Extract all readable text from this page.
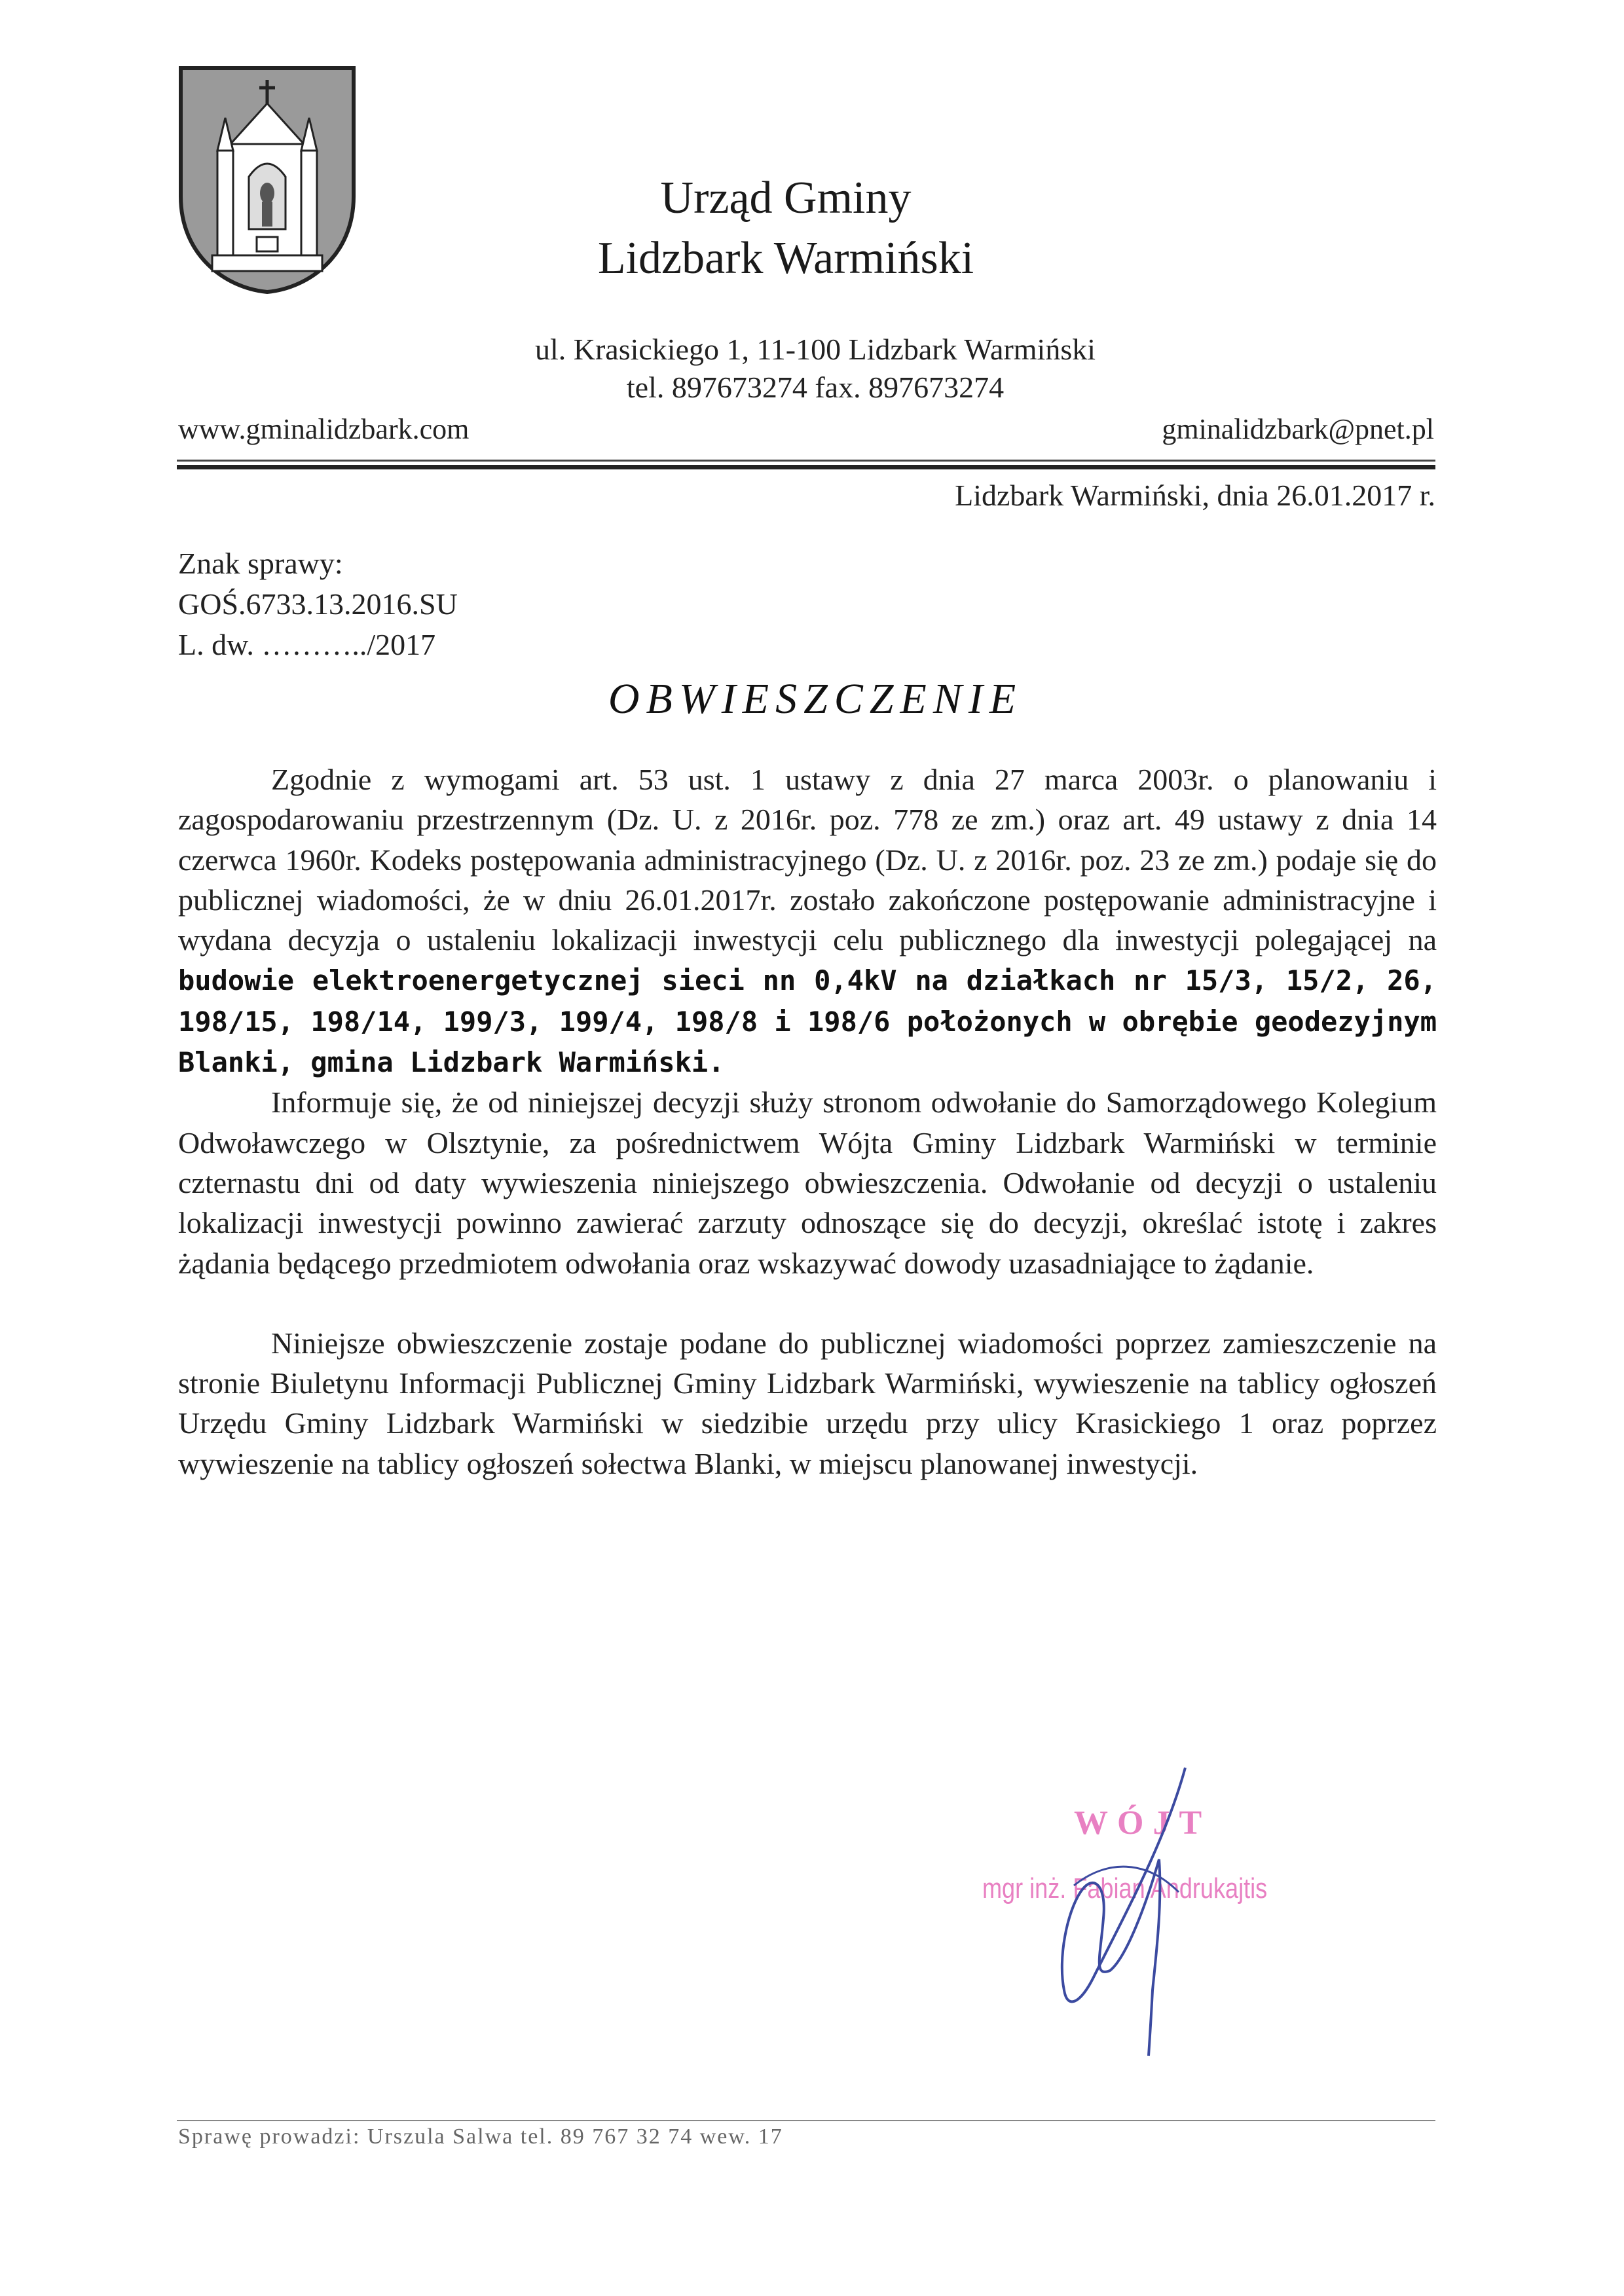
Urząd Gminy
Lidzbark Warmiński
ul. Krasickiego 1, 11-100 Lidzbark Warmiński
tel. 897673274 fax. 897673274
www.gminalidzbark.com	gminalidzbark@pnet.pl
Lidzbark Warmiński, dnia 26.01.2017 r.
Znak sprawy:
GOŚ.6733.13.2016.SU
L. dw. ………../2017
OBWIESZCZENIE

Zgodnie z wymogami art. 53 ust. 1 ustawy z dnia 27 marca 2003r. o planowaniu i zagospodarowaniu przestrzennym (Dz. U. z 2016r. poz. 778 ze zm.) oraz art. 49 ustawy z dnia 14 czerwca 1960r. Kodeks postępowania administracyjnego (Dz. U. z 2016r. poz. 23 ze zm.) podaje się do publicznej wiadomości, że w dniu 26.01.2017r. zostało zakończone postępowanie administracyjne i wydana decyzja o ustaleniu lokalizacji inwestycji celu publicznego dla inwestycji polegającej na budowie elektroenergetycznej sieci nn 0,4kV na działkach nr 15/3, 15/2, 26, 198/15, 198/14, 199/3, 199/4, 198/8 i 198/6 położonych w obrębie geodezyjnym Blanki, gmina Lidzbark Warmiński.

Informuje się, że od niniejszej decyzji służy stronom odwołanie do Samorządowego Kolegium Odwoławczego w Olsztynie, za pośrednictwem Wójta Gminy Lidzbark Warmiński w terminie czternastu dni od daty wywieszenia niniejszego obwieszczenia. Odwołanie od decyzji o ustaleniu lokalizacji inwestycji powinno zawierać zarzuty odnoszące się do decyzji, określać istotę i zakres żądania będącego przedmiotem odwołania oraz wskazywać dowody uzasadniające to żądanie.

Niniejsze obwieszczenie zostaje podane do publicznej wiadomości poprzez zamieszczenie na stronie Biuletynu Informacji Publicznej Gminy Lidzbark Warmiński, wywieszenie na tablicy ogłoszeń Urzędu Gminy Lidzbark Warmiński w siedzibie urzędu przy ulicy Krasickiego 1 oraz poprzez wywieszenie na tablicy ogłoszeń sołectwa Blanki, w miejscu planowanej inwestycji.

WÓJT
mgr inż. Fabian Andrukajtis
Sprawę prowadzi: Urszula Salwa tel. 89 767 32 74 wew. 17
